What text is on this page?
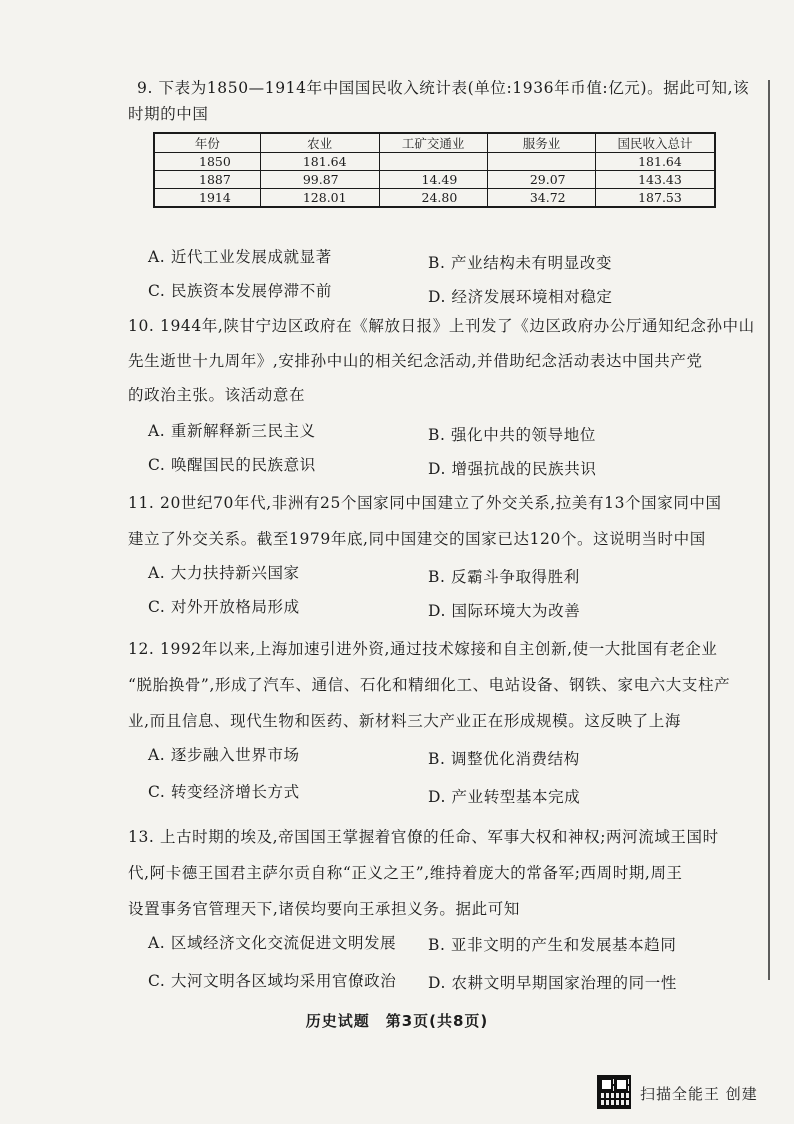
9. 下表为1850—1914年中国国民收入统计表(单位:1936年币值:亿元)。据此可知,该
时期的中国
年份	农业	工矿交通业	服务业	国民收入总计
1850	181.64			181.64
1887	99.87	14.49	29.07	143.43
1914	128.01	24.80	34.72	187.53
A. 近代工业发展成就显著	B. 产业结构未有明显改变
C. 民族资本发展停滞不前	D. 经济发展环境相对稳定
10. 1944年,陕甘宁边区政府在《解放日报》上刊发了《边区政府办公厅通知纪念孙中山
先生逝世十九周年》,安排孙中山的相关纪念活动,并借助纪念活动表达中国共产党
的政治主张。该活动意在
A. 重新解释新三民主义	B. 强化中共的领导地位
C. 唤醒国民的民族意识	D. 增强抗战的民族共识
11. 20世纪70年代,非洲有25个国家同中国建立了外交关系,拉美有13个国家同中国
建立了外交关系。截至1979年底,同中国建交的国家已达120个。这说明当时中国
A. 大力扶持新兴国家	B. 反霸斗争取得胜利
C. 对外开放格局形成	D. 国际环境大为改善
12. 1992年以来,上海加速引进外资,通过技术嫁接和自主创新,使一大批国有老企业
“脱胎换骨”,形成了汽车、通信、石化和精细化工、电站设备、钢铁、家电六大支柱产
业,而且信息、现代生物和医药、新材料三大产业正在形成规模。这反映了上海
A. 逐步融入世界市场	B. 调整优化消费结构
C. 转变经济增长方式	D. 产业转型基本完成
13. 上古时期的埃及,帝国国王掌握着官僚的任命、军事大权和神权;两河流域王国时
代,阿卡德王国君主萨尔贡自称“正义之王”,维持着庞大的常备军;西周时期,周王
设置事务官管理天下,诸侯均要向王承担义务。据此可知
A. 区域经济文化交流促进文明发展 B. 亚非文明的产生和发展基本趋同
C. 大河文明各区域均采用官僚政治 D. 农耕文明早期国家治理的同一性
历史试题　第3页(共8页)
扫描全能王 创建
